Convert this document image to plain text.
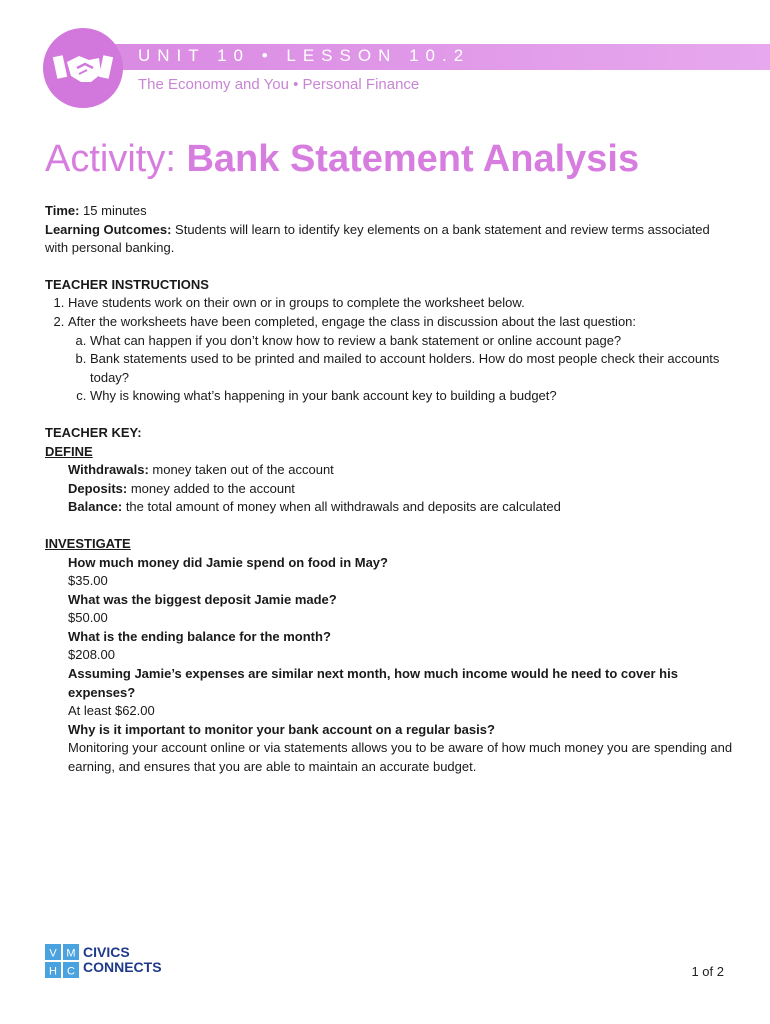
UNIT 10 • LESSON 10.2
The Economy and You • Personal Finance
Activity: Bank Statement Analysis

Time: 15 minutes

Learning Outcomes: Students will learn to identify key elements on a bank statement and review terms associated with personal banking.

TEACHER INSTRUCTIONS

1. Have students work on their own or in groups to complete the worksheet below.
2. After the worksheets have been completed, engage the class in discussion about the last question:
a. What can happen if you don’t know how to review a bank statement or online account page?
b. Bank statements used to be printed and mailed to account holders. How do most people check their accounts today?
c. Why is knowing what’s happening in your bank account key to building a budget?

TEACHER KEY:

DEFINE

Withdrawals: money taken out of the account

Deposits: money added to the account

Balance: the total amount of money when all withdrawals and deposits are calculated

INVESTIGATE

How much money did Jamie spend on food in May?

$35.00

What was the biggest deposit Jamie made?

$50.00

What is the ending balance for the month?

$208.00

Assuming Jamie’s expenses are similar next month, how much income would he need to cover his expenses?

At least $62.00

Why is it important to monitor your bank account on a regular basis?

Monitoring your account online or via statements allows you to be aware of how much money you are spending and earning, and ensures that you are able to maintain an accurate budget.

V M
H C
CIVICS
CONNECTS	1 of 2
